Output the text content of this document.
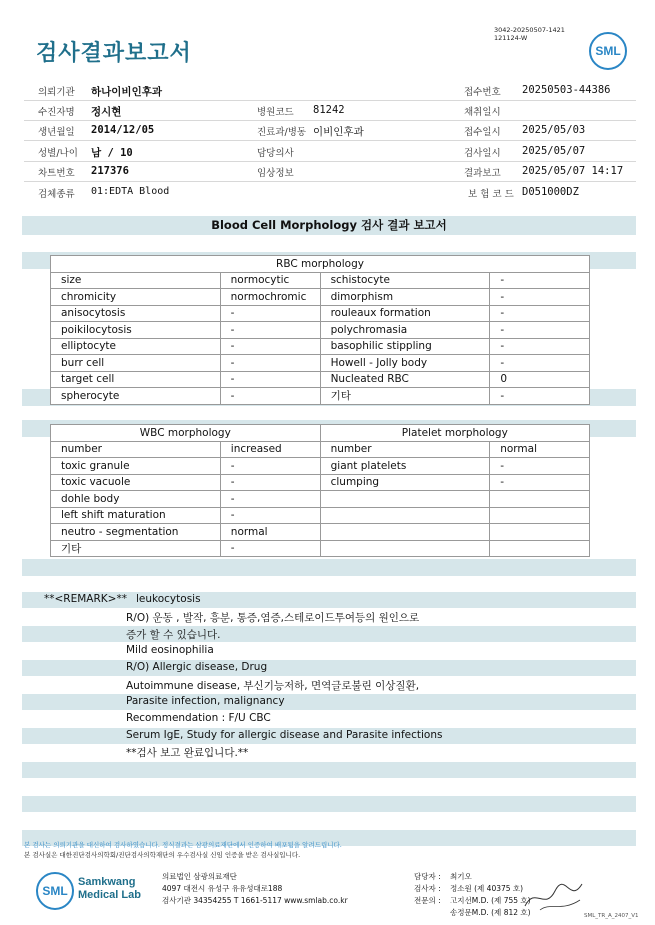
검사결과보고서
3042-20250507-1421
121124-W
SML
의뢰기관 하나이비인후과	접수번호 20250503-44386
수진자명 정시현	병원코드 81242	채취일시
생년월일 2014/12/05	진료과/병동 이비인후과	접수일시 2025/05/03
성별/나이 남 / 10	담당의사	검사일시 2025/05/07
차트번호 217376	임상정보	결과보고 2025/05/07 14:17
검체종류 01:EDTA Blood	보 험 코 드 D051000DZ
Blood Cell Morphology 검사 결과 보고서
RBC morphology			
size	normocytic	schistocyte	-
chromicity	normochromic	dimorphism	-
anisocytosis	-	rouleaux formation	-
poikilocytosis	-	polychromasia	-
elliptocyte	-	basophilic stippling	-
burr cell	-	Howell - Jolly body	-
target cell	-	Nucleated RBC	0
spherocyte	-	기타	-
WBC morphology		Platelet morphology	
number	increased	number	normal
toxic granule	-	giant platelets	-
toxic vacuole	-	clumping	-
dohle body	-		
left shift maturation	-		
neutro - segmentation	normal		
기타	-		
**<REMARK>** leukocytosis
R/O) 운동 , 발작, 흥분, 통증,염증,스테로이드투여등의 원인으로
증가 할 수 있습니다.
Mild eosinophilia
R/O) Allergic disease, Drug
Autoimmune disease, 부신기능저하, 면역글로불린 이상질환,
Parasite infection, malignancy
Recommendation : F/U CBC
Serum IgE, Study for allergic disease and Parasite infections
**검사 보고 완료입니다.**
본 검사는 의뢰기관을 대신하여 검사하였습니다. 정식결과는 삼광의료재단에서 인증하여 배포됨을 알려드립니다.
본 검사실은 대한진단검사의학회/진단검사의학재단의 우수검사실 신임 인증을 받은 검사실입니다.
SML
Samkwang
Medical Lab
의료법인 삼광의료재단
4097 대전시 유성구 유유성대로188
검사기관 34354255 T 1661-5117 www.smlab.co.kr
담당자 : 최기오
검사자 : 정소원 (제 40375 호)
전문의 : 고지선M.D. (제 755 호)
송정문M.D. (제 812 호)	SML_TR_A_2407_V1
